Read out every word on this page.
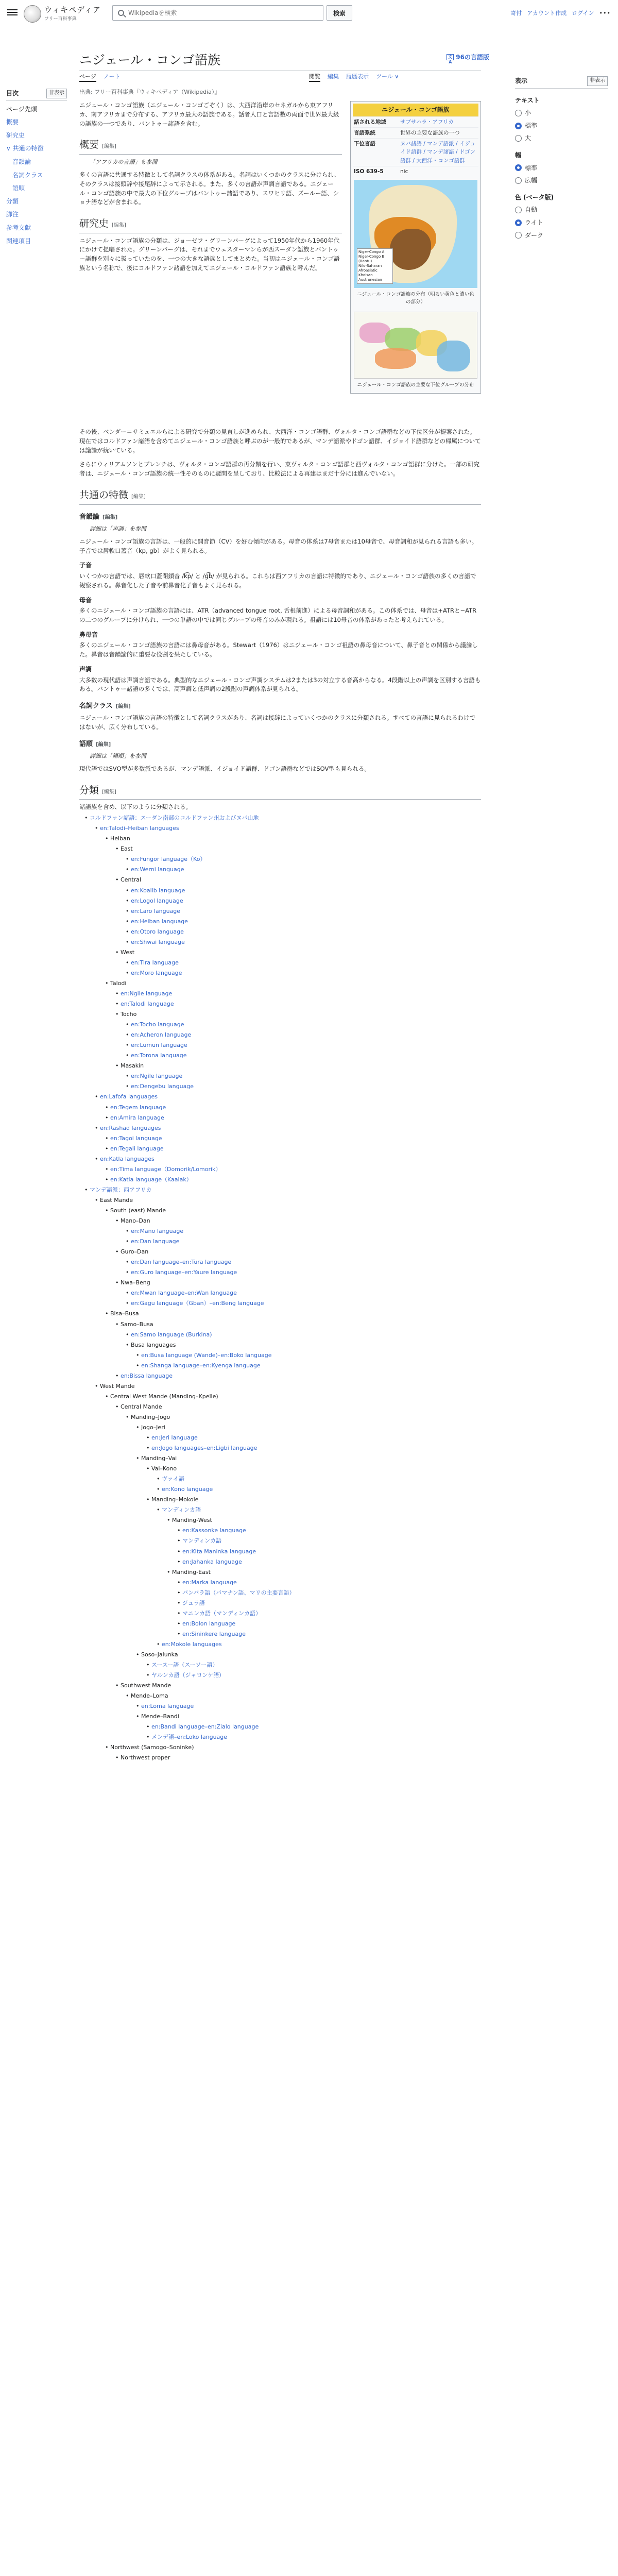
ウィキペディア
フリー百科事典
Wikipediaを検索
検索	寄付 アカウント作成 ログイン •••
ニジェール・コンゴ語族	文A
96の言語版
ページ ノート	閲覧 編集 履歴表示 ツール ∨
出典: フリー百科事典『ウィキペディア（Wikipedia）』
目次	非表示
ページ先頭
概要
研究史
∨ 共通の特徴
音韻論
名詞クラス
語順
分類
脚注
参考文献
関連項目
表示	非表示
テキスト
小
標準
大
幅
標準
広幅
色 (ベータ版)
自動
ライト
ダーク
ニジェール・コンゴ語族
話される地域	サブサハラ・アフリカ
言語系統	世界の主要な語族の一つ
下位言語	ヌバ諸語 / マンデ語派 / イジョイド語群 / マンデ諸語 / ドゴン語群 / 大西洋・コンゴ語群
ISO 639-5	nic
Niger-Congo A
Niger-Congo B (Bantu)
Nilo-Saharan
Afroasiatic
Khoisan
Austronesian
ニジェール・コンゴ語族の分布（明るい黄色と濃い色の部分）
ニジェール・コンゴ語族の主要な下位グループの分布

ニジェール・コンゴ語族（ニジェール・コンゴごぞく）は、大西洋沿岸のセネガルから東アフリカ、南アフリカまで分布する、アフリカ最大の語族である。話者人口と言語数の両面で世界最大級の語族の一つであり、バントゥー諸語を含む。

概要 [編集]
「アフリカの言語」も参照

多くの言語に共通する特徴として名詞クラスの体系がある。名詞はいくつかのクラスに分けられ、そのクラスは接頭辞や接尾辞によって示される。また、多くの言語が声調言語である。ニジェール・コンゴ語族の中で最大の下位グループはバントゥー諸語であり、スワヒリ語、ズールー語、ショナ語などが含まれる。

研究史 [編集]

ニジェール・コンゴ語族の分類は、ジョーゼフ・グリーンバーグによって1950年代から1960年代にかけて提唱された。グリーンバーグは、それまでウェスターマンらが西スーダン語族とバントゥー語群を別々に扱っていたのを、一つの大きな語族としてまとめた。当初はニジェール・コンゴ語族という名称で、後にコルドファン諸語を加えてニジェール・コルドファン語族と呼んだ。

その後、ベンダー＝サミュエルらによる研究で分類の見直しが進められ、大西洋・コンゴ語群、ヴォルタ・コンゴ語群などの下位区分が提案された。現在ではコルドファン諸語を含めてニジェール・コンゴ語族と呼ぶのが一般的であるが、マンデ語派やドゴン語群、イジョイド語群などの帰属については議論が続いている。

さらにウィリアムソンとブレンチは、ヴォルタ・コンゴ語群の再分類を行い、東ヴォルタ・コンゴ語群と西ヴォルタ・コンゴ語群に分けた。一部の研究者は、ニジェール・コンゴ語族の統一性そのものに疑問を呈しており、比較法による再建はまだ十分には進んでいない。

共通の特徴 [編集]
音韻論 [編集]
詳細は「声調」を参照

ニジェール・コンゴ語族の言語は、一般的に開音節（CV）を好む傾向がある。母音の体系は7母音または10母音で、母音調和が見られる言語も多い。子音では唇軟口蓋音（kp, gb）がよく見られる。

子音

いくつかの言語では、唇軟口蓋閉鎖音 /k͡p/ と /ɡ͡b/ が見られる。これらは西アフリカの言語に特徴的であり、ニジェール・コンゴ語族の多くの言語で観察される。鼻音化した子音や前鼻音化子音もよく見られる。

母音

多くのニジェール・コンゴ語族の言語には、ATR（advanced tongue root, 舌根前進）による母音調和がある。この体系では、母音は+ATRと−ATRの二つのグループに分けられ、一つの単語の中では同じグループの母音のみが現れる。祖語には10母音の体系があったと考えられている。

鼻母音

多くのニジェール・コンゴ語族の言語には鼻母音がある。Stewart（1976）はニジェール・コンゴ祖語の鼻母音について、鼻子音との関係から議論した。鼻音は音韻論的に重要な役割を果たしている。

声調

大多数の現代語は声調言語である。典型的なニジェール・コンゴ声調システムは2または3の対立する音高からなる。4段階以上の声調を区別する言語もある。バントゥー諸語の多くでは、高声調と低声調の2段階の声調体系が見られる。

名詞クラス [編集]

ニジェール・コンゴ語族の言語の特徴として名詞クラスがあり、名詞は接辞によっていくつかのクラスに分類される。すべての言語に見られるわけではないが、広く分布している。

語順 [編集]
詳細は「語順」を参照

現代語ではSVO型が多数派であるが、マンデ語派、イジョイド語群、ドゴン語群などではSOV型も見られる。

分類 [編集]

諸語族を含め、以下のように分類される。

• コルドファン諸語：スーダン南部のコルドファン州およびヌバ山地
• en:Talodi–Heiban languages
• Heiban
• East
• en:Fungor language（Ko）
• en:Werni language
• Central
• en:Koalib language
• en:Logol language
• en:Laro language
• en:Heiban language
• en:Otoro language
• en:Shwai language
• West
• en:Tira language
• en:Moro language
• Talodi
• en:Ngile language
• en:Talodi language
• Tocho
• en:Tocho language
• en:Acheron language
• en:Lumun language
• en:Torona language
• Masakin
• en:Ngile language
• en:Dengebu language
• en:Lafofa languages
• en:Tegem language
• en:Amira language
• en:Rashad languages
• en:Tagoi language
• en:Tegali language
• en:Katla languages
• en:Tima language（Domorik/Lomorik）
• en:Katla language（Kaalak）
• マンデ語派：西アフリカ
• East Mande
• South (east) Mande
• Mano–Dan
• en:Mano language
• en:Dan language
• Guro–Dan
• en:Dan language–en:Tura language
• en:Guro language–en:Yaure language
• Nwa–Beng
• en:Mwan language–en:Wan language
• en:Gagu language（Gban）–en:Beng language
• Bisa–Busa
• Samo–Busa
• en:Samo language (Burkina)
• Busa languages
• en:Busa language (Wande)–en:Boko language
• en:Shanga language–en:Kyenga language
• en:Bissa language
• West Mande
• Central West Mande (Manding–Kpelle)
• Central Mande
• Manding–Jogo
• Jogo–Jeri
• en:Jeri language
• en:Jogo languages–en:Ligbi language
• Manding–Vai
• Vai–Kono
• ヴァイ語
• en:Kono language
• Manding–Mokole
• マンディンカ語
• Manding-West
• en:Kassonke language
• マンディンカ語
• en:Kita Maninka language
• en:Jahanka language
• Manding-East
• en:Marka language
• バンバラ語（バマナン語、マリの主要言語）
• ジュラ語
• マニンカ語（マンディンカ語）
• en:Bolon language
• en:Sininkere language
• en:Mokole languages
• Soso–Jalunka
• スースー語（スーソー語）
• ヤルンカ語（ジャロンケ語）
• Southwest Mande
• Mende–Loma
• en:Loma language
• Mende–Bandi
• en:Bandi language–en:Zialo language
• メンデ語–en:Loko language
• Northwest (Samogo–Soninke)
• Northwest proper
